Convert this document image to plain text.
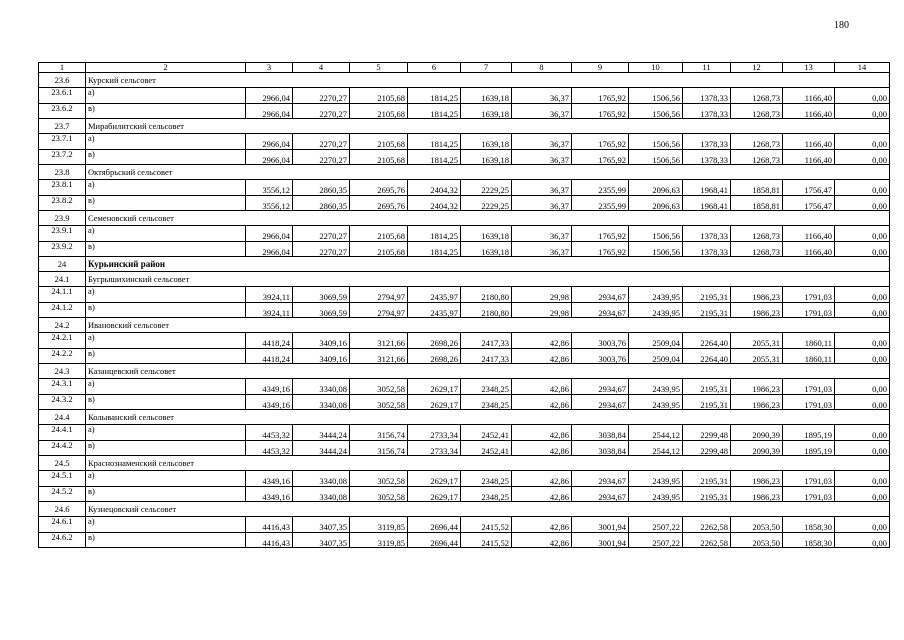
180
1	2	3	4	5	6	7	8	9	10	11	12	13	14
23.6	Курский сельсовет												
23.6.1	а)	2966,04	2270,27	2105,68	1814,25	1639,18	36,37	1765,92	1506,56	1378,33	1268,73	1166,40	0,00
23.6.2	в)	2966,04	2270,27	2105,68	1814,25	1639,18	36,37	1765,92	1506,56	1378,33	1268,73	1166,40	0,00
23.7	Мирабилитский сельсовет												
23.7.1	а)	2966,04	2270,27	2105,68	1814,25	1639,18	36,37	1765,92	1506,56	1378,33	1268,73	1166,40	0,00
23.7.2	в)	2966,04	2270,27	2105,68	1814,25	1639,18	36,37	1765,92	1506,56	1378,33	1268,73	1166,40	0,00
23.8	Октябрьский сельсовет												
23.8.1	а)	3556,12	2860,35	2695,76	2404,32	2229,25	36,37	2355,99	2096,63	1968,41	1858,81	1756,47	0,00
23.8.2	в)	3556,12	2860,35	2695,76	2404,32	2229,25	36,37	2355,99	2096,63	1968,41	1858,81	1756,47	0,00
23.9	Семеновский сельсовет												
23.9.1	а)	2966,04	2270,27	2105,68	1814,25	1639,18	36,37	1765,92	1506,56	1378,33	1268,73	1166,40	0,00
23.9.2	в)	2966,04	2270,27	2105,68	1814,25	1639,18	36,37	1765,92	1506,56	1378,33	1268,73	1166,40	0,00
24	Курьинский район												
24.1	Бугрышихинский сельсовет												
24.1.1	а)	3924,11	3069,59	2794,97	2435,97	2180,80	29,98	2934,67	2439,95	2195,31	1986,23	1791,03	0,00
24.1.2	в)	3924,11	3069,59	2794,97	2435,97	2180,80	29,98	2934,67	2439,95	2195,31	1986,23	1791,03	0,00
24.2	Ивановский сельсовет												
24.2.1	а)	4418,24	3409,16	3121,66	2698,26	2417,33	42,86	3003,76	2509,04	2264,40	2055,31	1860,11	0,00
24.2.2	в)	4418,24	3409,16	3121,66	2698,26	2417,33	42,86	3003,76	2509,04	2264,40	2055,31	1860,11	0,00
24.3	Казанцевский сельсовет												
24.3.1	а)	4349,16	3340,08	3052,58	2629,17	2348,25	42,86	2934,67	2439,95	2195,31	1986,23	1791,03	0,00
24.3.2	в)	4349,16	3340,08	3052,58	2629,17	2348,25	42,86	2934,67	2439,95	2195,31	1986,23	1791,03	0,00
24.4	Колыванский сельсовет												
24.4.1	а)	4453,32	3444,24	3156,74	2733,34	2452,41	42,86	3038,84	2544,12	2299,48	2090,39	1895,19	0,00
24.4.2	в)	4453,32	3444,24	3156,74	2733,34	2452,41	42,86	3038,84	2544,12	2299,48	2090,39	1895,19	0,00
24.5	Краснознаменский сельсовет												
24.5.1	а)	4349,16	3340,08	3052,58	2629,17	2348,25	42,86	2934,67	2439,95	2195,31	1986,23	1791,03	0,00
24.5.2	в)	4349,16	3340,08	3052,58	2629,17	2348,25	42,86	2934,67	2439,95	2195,31	1986,23	1791,03	0,00
24.6	Кузнецовский сельсовет												
24.6.1	а)	4416,43	3407,35	3119,85	2696,44	2415,52	42,86	3001,94	2507,22	2262,58	2053,50	1858,30	0,00
24.6.2	в)	4416,43	3407,35	3119,85	2696,44	2415,52	42,86	3001,94	2507,22	2262,58	2053,50	1858,30	0,00
